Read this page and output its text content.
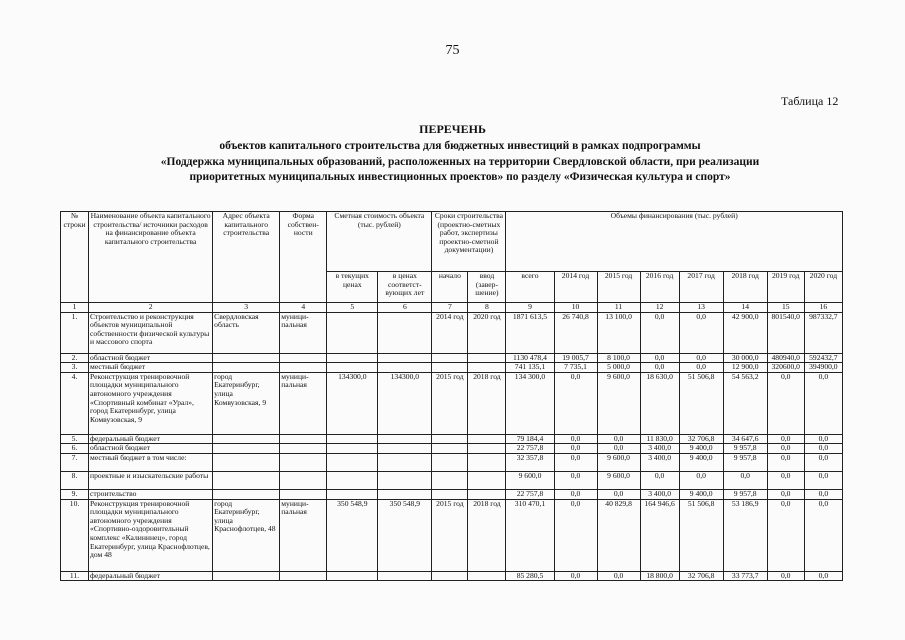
75
Таблица 12
ПЕРЕЧЕНЬ
объектов капитального строительства для бюджетных инвестиций в рамках подпрограммы
«Поддержка муниципальных образований, расположенных на территории Свердловской области, при реализации
приоритетных муниципальных инвестиционных проектов» по разделу «Физическая культура и спорт»
№ строки	Наименование объекта капитального строительства/ источники расходов на финансирование объекта капитального строительства	Адрес объекта капитального строительства	Форма собствен- ности	Сметная стоимость объекта (тыс. рублей)		Сроки строительства (проектно-сметных работ, экспертизы проектно-сметной документации)		Объемы финансирования (тыс. рублей)							
				в текущих ценах	в ценах соответст- вующих лет	начало	ввод (завер- шение)	всего	2014 год	2015 год	2016 год	2017 год	2018 год	2019 год	2020 год
1	2	3	4	5	6	7	8	9	10	11	12	13	14	15	16
1.	Строительство и реконструкция объектов муниципальной собственности физической культуры и массового спорта	Свердловская область	муници- пальная			2014 год	2020 год	1871 613,5	26 740,8	13 100,0	0,0	0,0	42 900,0	801540,0	987332,7
2.	областной бюджет							1130 478,4	19 005,7	8 100,0	0,0	0,0	30 000,0	480940,0	592432,7
3.	местный бюджет							741 135,1	7 735,1	5 000,0	0,0	0,0	12 900,0	320600,0	394900,0
4.	Реконструкция тренировочной площадки муниципального автономного учреждения «Спортивный комбинат «Урал», город Екатеринбург, улица Комвузовская, 9	город Екатеринбург, улица Комвузовская, 9	муници- пальная	134300,0	134300,0	2015 год	2018 год	134 300,0	0,0	9 600,0	18 630,0	51 506,8	54 563,2	0,0	0,0
5.	федеральный бюджет							79 184,4	0,0	0,0	11 830,0	32 706,8	34 647,6	0,0	0,0
6.	областной бюджет							22 757,8	0,0	0,0	3 400,0	9 400,0	9 957,8	0,0	0,0
7.	местный бюджет в том числе:							32 357,8	0,0	9 600,0	3 400,0	9 400,0	9 957,8	0,0	0,0
8.	проектные и изыскательские работы							9 600,0	0,0	9 600,0	0,0	0,0	0,0	0,0	0,0
9.	строительство							22 757,8	0,0	0,0	3 400,0	9 400,0	9 957,8	0,0	0,0
10.	Реконструкция тренировочной площадки муниципального автономного учреждения «Спортивно-оздоровительный комплекс «Калининец», город Екатеринбург, улица Краснофлотцев, дом 48	город Екатеринбург, улица Краснофлотцев, 48	муници- пальная	350 548,9	350 548,9	2015 год	2018 год	310 470,1	0,0	40 829,8	164 946,6	51 506,8	53 186,9	0,0	0,0
11.	федеральный бюджет							85 280,5	0,0	0,0	18 800,0	32 706,8	33 773,7	0,0	0,0
